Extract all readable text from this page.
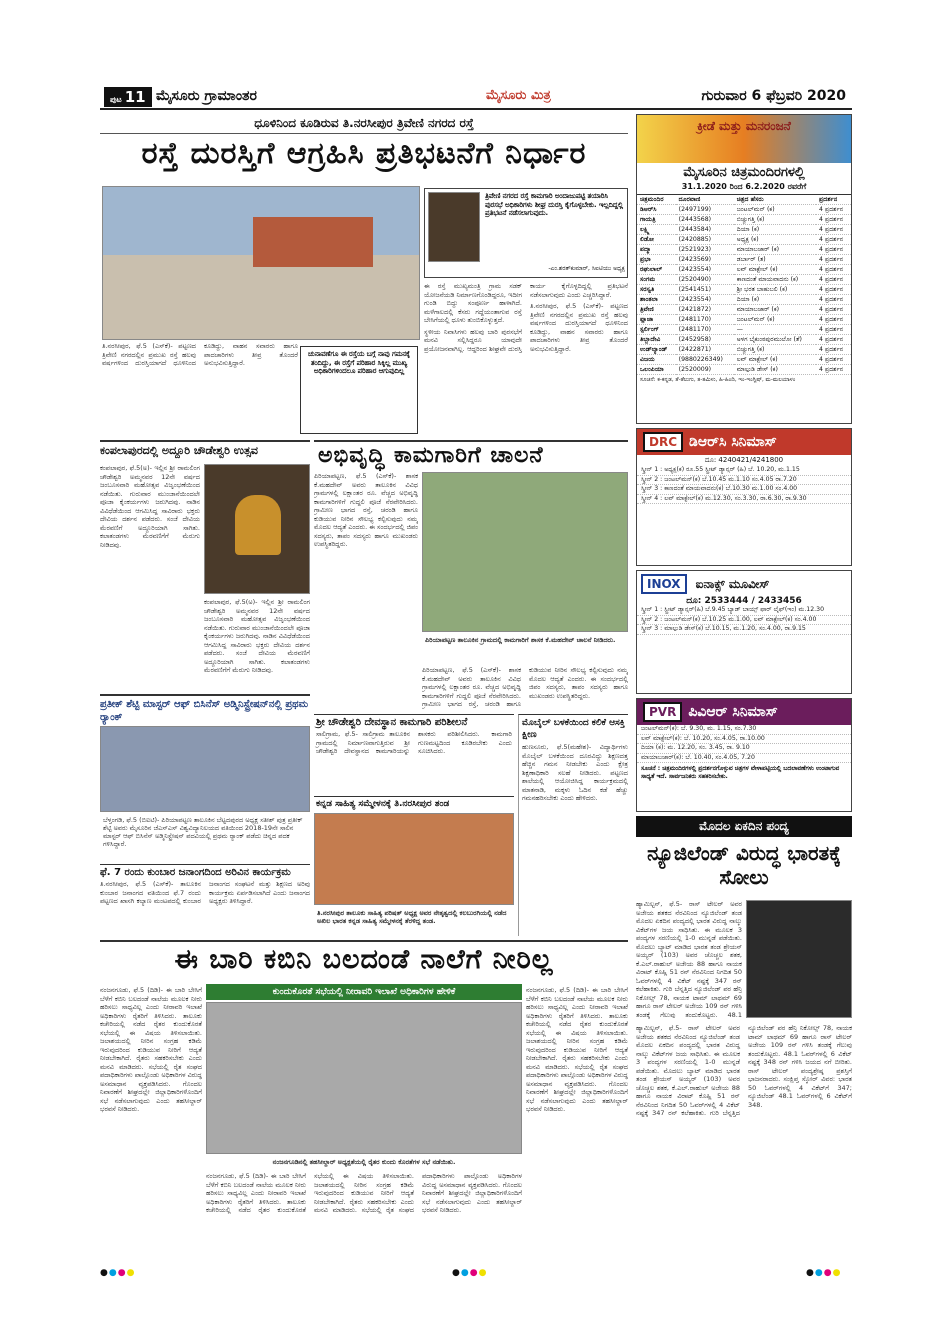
ಪುಟ 11 ಮೈಸೂರು ಗ್ರಾಮಾಂತರ	ಮೈಸೂರು ಮಿತ್ರ	ಗುರುವಾರ 6 ಫೆಬ್ರವರಿ 2020
ಧೂಳಿನಿಂದ ಕೂಡಿರುವ ತಿ.ನರಸೀಪುರ ತ್ರಿವೇಣಿ ನಗರದ ರಸ್ತೆ
ರಸ್ತೆ ದುರಸ್ತಿಗೆ ಆಗ್ರಹಿಸಿ ಪ್ರತಿಭಟನೆಗೆ ನಿರ್ಧಾರ
ತಿ.ನರಸೀಪುರ, ಫೆ.5 (ಎಸ್‌ಕೆ)- ಪಟ್ಟಣದ ತ್ರಿವೇಣಿ ನಗರದಲ್ಲಿನ ಪ್ರಮುಖ ರಸ್ತೆ ಹಲವು ವರ್ಷಗಳಿಂದ ದುರಸ್ತಿಯಾಗದೆ ಧೂಳಿನಿಂದ ಕೂಡಿದ್ದು, ವಾಹನ ಸವಾರರು ಹಾಗೂ ಪಾದಚಾರಿಗಳು ತೀವ್ರ ತೊಂದರೆ ಅನುಭವಿಸುತ್ತಿದ್ದಾರೆ.
ಚುನಾವಣೆಗೂ ಈ ರಸ್ತೆಯ ಬಗ್ಗೆ ನಾವು ಗಮನಕ್ಕೆ ತಂದಿದ್ದು, ಈ ರಸ್ತೆಗೆ ಪರಿಹಾರ ಸಿಕ್ಕಿಲ್ಲ ಮುಖ್ಯ ಅಧಿಕಾರಿಗಳಿಂದಲೂ ಪರಿಹಾರ ಆಗುವುದಿಲ್ಲ
ತ್ರಿವೇಣಿ ನಗರದ ರಸ್ತೆ ಕಾಮಗಾರಿ ಅಂದಾಜುಪಟ್ಟಿ ತಯಾರಿಸಿ ಪುರಸಭೆ ಅಧಿಕಾರಿಗಳು ಶೀಘ್ರ ದುರಸ್ತಿ ಕೈಗೊಳ್ಳಬೇಕು. ಇಲ್ಲದಿದ್ದಲ್ಲಿ ಪ್ರತಿಭಟನೆ ನಡೆಸಲಾಗುವುದು.
-ಎಂ.ಶರತ್‌ಕುಮಾರ್, ಸಿಐಟಿಯು ಅಧ್ಯಕ್ಷ

ಈ ರಸ್ತೆ ಮುಖ್ಯಮಂತ್ರಿ ಗ್ರಾಮ ಸಡಕ್ ಯೋಜನೆಯಡಿ ನಿರ್ಮಾಣಗೊಂಡಿದ್ದರೂ, ಇದೀಗ ಗುಂಡಿ ಬಿದ್ದು ಸಂಪೂರ್ಣ ಹಾಳಾಗಿದೆ. ಮಳೆಗಾಲದಲ್ಲಿ ಕೆಸರು ಗದ್ದೆಯಂತಾಗುವ ರಸ್ತೆ ಬೇಸಿಗೆಯಲ್ಲಿ ಧೂಳು ತುಂಬಿಕೊಳ್ಳುತ್ತದೆ.

ಸ್ಥಳೀಯ ನಿವಾಸಿಗಳು ಹಲವು ಬಾರಿ ಪುರಸಭೆಗೆ ಮನವಿ ಸಲ್ಲಿಸಿದ್ದರೂ ಯಾವುದೇ ಪ್ರಯೋಜನವಾಗಿಲ್ಲ. ಆದ್ದರಿಂದ ಶೀಘ್ರವೇ ದುರಸ್ತಿ ಕಾರ್ಯ ಕೈಗೊಳ್ಳದಿದ್ದಲ್ಲಿ ಪ್ರತಿಭಟನೆ ನಡೆಸಲಾಗುವುದು ಎಂದು ಎಚ್ಚರಿಸಿದ್ದಾರೆ.

ತಿ.ನರಸೀಪುರ, ಫೆ.5 (ಎಸ್‌ಕೆ)- ಪಟ್ಟಣದ ತ್ರಿವೇಣಿ ನಗರದಲ್ಲಿನ ಪ್ರಮುಖ ರಸ್ತೆ ಹಲವು ವರ್ಷಗಳಿಂದ ದುರಸ್ತಿಯಾಗದೆ ಧೂಳಿನಿಂದ ಕೂಡಿದ್ದು, ವಾಹನ ಸವಾರರು ಹಾಗೂ ಪಾದಚಾರಿಗಳು ತೀವ್ರ ತೊಂದರೆ ಅನುಭವಿಸುತ್ತಿದ್ದಾರೆ.

ಕಂಪಲಾಪುರದಲ್ಲಿ ಅದ್ದೂರಿ ಚೌಡೇಶ್ವರಿ ಉತ್ಸವ
ಕಂಪಲಾಪುರ, ಫೆ.5(ಅ)- ಇಲ್ಲಿನ ಶ್ರೀ ರಾಮಲಿಂಗ ಚೌಡೇಶ್ವರಿ ಅಮ್ಮನವರ 12ನೇ ವರ್ಷದ ಜಂಬೂಸವಾರಿ ಮಹೋತ್ಸವ ವಿಜೃಂಭಣೆಯಿಂದ ನಡೆಯಿತು. ಗುರುವಾರ ಮುಂಜಾನೆಯಿಂದಲೇ ಪೂಜಾ ಕೈಂಕರ್ಯಗಳು ಜರುಗಿದವು. ನಾಡಿನ ವಿವಿಧೆಡೆಯಿಂದ ಆಗಮಿಸಿದ್ದ ಸಾವಿರಾರು ಭಕ್ತರು ದೇವಿಯ ದರ್ಶನ ಪಡೆದರು. ಸಂಜೆ ದೇವಿಯ ಮೆರವಣಿಗೆ ಅದ್ದೂರಿಯಾಗಿ ಸಾಗಿತು. ಕಲಾತಂಡಗಳು ಮೆರವಣಿಗೆಗೆ ಮೆರುಗು ನೀಡಿದವು.
ಕಂಪಲಾಪುರ, ಫೆ.5(ಅ)- ಇಲ್ಲಿನ ಶ್ರೀ ರಾಮಲಿಂಗ ಚೌಡೇಶ್ವರಿ ಅಮ್ಮನವರ 12ನೇ ವರ್ಷದ ಜಂಬೂಸವಾರಿ ಮಹೋತ್ಸವ ವಿಜೃಂಭಣೆಯಿಂದ ನಡೆಯಿತು. ಗುರುವಾರ ಮುಂಜಾನೆಯಿಂದಲೇ ಪೂಜಾ ಕೈಂಕರ್ಯಗಳು ಜರುಗಿದವು. ನಾಡಿನ ವಿವಿಧೆಡೆಯಿಂದ ಆಗಮಿಸಿದ್ದ ಸಾವಿರಾರು ಭಕ್ತರು ದೇವಿಯ ದರ್ಶನ ಪಡೆದರು. ಸಂಜೆ ದೇವಿಯ ಮೆರವಣಿಗೆ ಅದ್ದೂರಿಯಾಗಿ ಸಾಗಿತು. ಕಲಾತಂಡಗಳು ಮೆರವಣಿಗೆಗೆ ಮೆರುಗು ನೀಡಿದವು.
ಪ್ರತೀಕ್ ಶೆಟ್ಟಿ ಮಾಸ್ಟರ್ ಆಫ್ ಬಿಸಿನೆಸ್ ಅಡ್ಮಿನಿಸ್ಟ್ರೇಷನ್‌ನಲ್ಲಿ ಪ್ರಥಮ ರ್‍ಯಾಂಕ್
ಬೆಳ್ತಂಗಡಿ, ಫೆ.5 (ಬಿಐಟಿ)- ಪಿರಿಯಾಪಟ್ಟಣ ತಾಲೂಕಿನ ಬೆಟ್ಟದಪುರದ ಅಧ್ಯಕ್ಷ ಸತೀಶ್ ಪುತ್ರ ಪ್ರತೀಕ್ ಶೆಟ್ಟಿ ಅವರು ಮೈಸೂರಿನ ಜೆಎಸ್‌ಎಸ್ ವಿಶ್ವವಿದ್ಯಾನಿಲಯದ ವತಿಯಿಂದ 2018-19ನೇ ಸಾಲಿನ ಮಾಸ್ಟರ್ ಆಫ್ ಬಿಸಿನೆಸ್ ಅಡ್ಮಿನಿಸ್ಟ್ರೇಷನ್ ಪದವಿಯಲ್ಲಿ ಪ್ರಥಮ ರ್‍ಯಾಂಕ್ ಪಡೆದು ಚಿನ್ನದ ಪದಕ ಗಳಿಸಿದ್ದಾರೆ.
ಫೆ. 7 ರಂದು ಕುಂಬಾರ ಜನಾಂಗದಿಂದ ಅರಿವಿನ ಕಾರ್ಯಕ್ರಮ
ತಿ.ನರಸೀಪುರ, ಫೆ.5 (ಎಸ್‌ಕೆ)- ತಾಲೂಕಿನ ಕುಂಬಾರ ಜನಾಂಗದ ವತಿಯಿಂದ ಫೆ.7 ರಂದು ಪಟ್ಟಣದ ಖಾಸಗಿ ಕಲ್ಯಾಣ ಮಂಟಪದಲ್ಲಿ ಕುಂಬಾರ ಜನಾಂಗದ ಸಂಘಟನೆ ಮತ್ತು ಶಿಕ್ಷಣದ ಅರಿವು ಕಾರ್ಯಕ್ರಮ ಏರ್ಪಡಿಸಲಾಗಿದೆ ಎಂದು ಜನಾಂಗದ ಅಧ್ಯಕ್ಷರು ತಿಳಿಸಿದ್ದಾರೆ.
ಅಭಿವೃದ್ಧಿ ಕಾಮಗಾರಿಗೆ ಚಾಲನೆ
ಪಿರಿಯಾಪಟ್ಟಣ, ಫೆ.5 (ಎಸ್‌ಕೆ)- ಶಾಸಕ ಕೆ.ಮಹದೇವ್ ಅವರು ತಾಲೂಕಿನ ವಿವಿಧ ಗ್ರಾಮಗಳಲ್ಲಿ ಲಕ್ಷಾಂತರ ರೂ. ವೆಚ್ಚದ ಅಭಿವೃದ್ಧಿ ಕಾಮಗಾರಿಗಳಿಗೆ ಗುದ್ದಲಿ ಪೂಜೆ ನೆರವೇರಿಸಿದರು. ಗ್ರಾಮೀಣ ಭಾಗದ ರಸ್ತೆ, ಚರಂಡಿ ಹಾಗೂ ಕುಡಿಯುವ ನೀರಿನ ಸೌಲಭ್ಯ ಕಲ್ಪಿಸುವುದು ನಮ್ಮ ಮೊದಲ ಆದ್ಯತೆ ಎಂದರು. ಈ ಸಂದರ್ಭದಲ್ಲಿ ಜಿಪಂ ಸದಸ್ಯರು, ತಾಪಂ ಸದಸ್ಯರು ಹಾಗೂ ಮುಖಂಡರು ಉಪಸ್ಥಿತರಿದ್ದರು.
ಪಿರಿಯಾಪಟ್ಟಣ ತಾಲೂಕಿನ ಗ್ರಾಮದಲ್ಲಿ ಕಾಮಗಾರಿಗೆ ಶಾಸಕ ಕೆ.ಮಹದೇವ್ ಚಾಲನೆ ನೀಡಿದರು.
ಪಿರಿಯಾಪಟ್ಟಣ, ಫೆ.5 (ಎಸ್‌ಕೆ)- ಶಾಸಕ ಕೆ.ಮಹದೇವ್ ಅವರು ತಾಲೂಕಿನ ವಿವಿಧ ಗ್ರಾಮಗಳಲ್ಲಿ ಲಕ್ಷಾಂತರ ರೂ. ವೆಚ್ಚದ ಅಭಿವೃದ್ಧಿ ಕಾಮಗಾರಿಗಳಿಗೆ ಗುದ್ದಲಿ ಪೂಜೆ ನೆರವೇರಿಸಿದರು. ಗ್ರಾಮೀಣ ಭಾಗದ ರಸ್ತೆ, ಚರಂಡಿ ಹಾಗೂ ಕುಡಿಯುವ ನೀರಿನ ಸೌಲಭ್ಯ ಕಲ್ಪಿಸುವುದು ನಮ್ಮ ಮೊದಲ ಆದ್ಯತೆ ಎಂದರು. ಈ ಸಂದರ್ಭದಲ್ಲಿ ಜಿಪಂ ಸದಸ್ಯರು, ತಾಪಂ ಸದಸ್ಯರು ಹಾಗೂ ಮುಖಂಡರು ಉಪಸ್ಥಿತರಿದ್ದರು.
ಶ್ರೀ ಚೌಡೇಶ್ವರಿ ದೇವಸ್ಥಾನ ಕಾಮಗಾರಿ ಪರಿಶೀಲನೆ
ಸಾಲಿಗ್ರಾಮ, ಫೆ.5- ಸಾಲಿಗ್ರಾಮ ತಾಲೂಕಿನ ಗ್ರಾಮದಲ್ಲಿ ನಿರ್ಮಾಣವಾಗುತ್ತಿರುವ ಶ್ರೀ ಚೌಡೇಶ್ವರಿ ದೇವಸ್ಥಾನದ ಕಾಮಗಾರಿಯನ್ನು ಶಾಸಕರು ಪರಿಶೀಲಿಸಿದರು. ಕಾಮಗಾರಿ ಗುಣಮಟ್ಟದಿಂದ ಕೂಡಿರಬೇಕು ಎಂದು ಸೂಚಿಸಿದರು.
ಮೊಬೈಲ್ ಬಳಕೆಯಿಂದ ಕಲಿಕೆ ಆಸಕ್ತಿ ಕ್ಷೀಣ
ಹುಣಸೂರು, ಫೆ.5(ಮಹೇಶ)- ವಿದ್ಯಾರ್ಥಿಗಳು ಮೊಬೈಲ್ ಬಳಕೆಯಿಂದ ದೂರವಿದ್ದು ಶಿಕ್ಷಣದತ್ತ ಹೆಚ್ಚಿನ ಗಮನ ನೀಡಬೇಕು ಎಂದು ಕ್ಷೇತ್ರ ಶಿಕ್ಷಣಾಧಿಕಾರಿ ಸಲಹೆ ನೀಡಿದರು. ಪಟ್ಟಣದ ಶಾಲೆಯಲ್ಲಿ ಆಯೋಜಿಸಿದ್ದ ಕಾರ್ಯಕ್ರಮದಲ್ಲಿ ಮಾತನಾಡಿ, ಮಕ್ಕಳು ಓದಿನ ಕಡೆ ಹೆಚ್ಚು ಗಮನಹರಿಸಬೇಕು ಎಂದು ಹೇಳಿದರು.
ಕನ್ನಡ ಸಾಹಿತ್ಯ ಸಮ್ಮೇಳನಕ್ಕೆ ತಿ.ನರಸೀಪುರ ತಂಡ
ತಿ.ನರಸೀಪುರ ತಾಲೂಕು ಸಾಹಿತ್ಯ ಪರಿಷತ್ ಅಧ್ಯಕ್ಷ ಅವರ ನೇತೃತ್ವದಲ್ಲಿ ಕಲಬುರಗಿಯಲ್ಲಿ ನಡೆದ ಅಖಿಲ ಭಾರತ ಕನ್ನಡ ಸಾಹಿತ್ಯ ಸಮ್ಮೇಳನಕ್ಕೆ ತೆರಳಿದ್ದ ತಂಡ.
ಈ ಬಾರಿ ಕಬಿನಿ ಬಲದಂಡೆ ನಾಲೆಗೆ ನೀರಿಲ್ಲ
ನಂಜನಗೂಡು, ಫೆ.5 (ದಿಡಿ)- ಈ ಬಾರಿ ಬೇಸಿಗೆ ಬೆಳೆಗೆ ಕಬಿನಿ ಬಲದಂಡೆ ನಾಲೆಯ ಮೂಲಕ ನೀರು ಹರಿಸಲು ಸಾಧ್ಯವಿಲ್ಲ ಎಂದು ನೀರಾವರಿ ಇಲಾಖೆ ಅಧಿಕಾರಿಗಳು ರೈತರಿಗೆ ತಿಳಿಸಿದರು. ತಾಲೂಕು ಕಚೇರಿಯಲ್ಲಿ ನಡೆದ ರೈತರ ಕುಂದುಕೊರತೆ ಸಭೆಯಲ್ಲಿ ಈ ವಿಷಯ ತಿಳಿಸಲಾಯಿತು. ಜಲಾಶಯದಲ್ಲಿ ನೀರಿನ ಸಂಗ್ರಹ ಕಡಿಮೆ ಇರುವುದರಿಂದ ಕುಡಿಯುವ ನೀರಿಗೆ ಆದ್ಯತೆ ನೀಡಬೇಕಾಗಿದೆ. ರೈತರು ಸಹಕರಿಸಬೇಕು ಎಂದು ಮನವಿ ಮಾಡಿದರು. ಸಭೆಯಲ್ಲಿ ರೈತ ಸಂಘದ ಪದಾಧಿಕಾರಿಗಳು ಪಾಲ್ಗೊಂಡು ಅಧಿಕಾರಿಗಳ ವಿರುದ್ಧ ಅಸಮಾಧಾನ ವ್ಯಕ್ತಪಡಿಸಿದರು. ಗೊಂದಲ ನಿವಾರಣೆಗೆ ಶೀಘ್ರದಲ್ಲೇ ಜಿಲ್ಲಾಧಿಕಾರಿಗಳೊಂದಿಗೆ ಸಭೆ ನಡೆಸಲಾಗುವುದು ಎಂದು ತಹಸೀಲ್ದಾರ್ ಭರವಸೆ ನೀಡಿದರು.
ಕುಂದುಕೊರತೆ ಸಭೆಯಲ್ಲಿ ನೀರಾವರಿ ಇಲಾಖೆ ಅಧಿಕಾರಿಗಳ ಹೇಳಿಕೆ
ನಂಜನಗೂಡಿನಲ್ಲಿ ತಹಸೀಲ್ದಾರ್ ಅಧ್ಯಕ್ಷತೆಯಲ್ಲಿ ರೈತರ ಕುಂದು ಕೊರತೆಗಳ ಸಭೆ ನಡೆಯಿತು.
ನಂಜನಗೂಡು, ಫೆ.5 (ದಿಡಿ)- ಈ ಬಾರಿ ಬೇಸಿಗೆ ಬೆಳೆಗೆ ಕಬಿನಿ ಬಲದಂಡೆ ನಾಲೆಯ ಮೂಲಕ ನೀರು ಹರಿಸಲು ಸಾಧ್ಯವಿಲ್ಲ ಎಂದು ನೀರಾವರಿ ಇಲಾಖೆ ಅಧಿಕಾರಿಗಳು ರೈತರಿಗೆ ತಿಳಿಸಿದರು. ತಾಲೂಕು ಕಚೇರಿಯಲ್ಲಿ ನಡೆದ ರೈತರ ಕುಂದುಕೊರತೆ ಸಭೆಯಲ್ಲಿ ಈ ವಿಷಯ ತಿಳಿಸಲಾಯಿತು. ಜಲಾಶಯದಲ್ಲಿ ನೀರಿನ ಸಂಗ್ರಹ ಕಡಿಮೆ ಇರುವುದರಿಂದ ಕುಡಿಯುವ ನೀರಿಗೆ ಆದ್ಯತೆ ನೀಡಬೇಕಾಗಿದೆ. ರೈತರು ಸಹಕರಿಸಬೇಕು ಎಂದು ಮನವಿ ಮಾಡಿದರು. ಸಭೆಯಲ್ಲಿ ರೈತ ಸಂಘದ ಪದಾಧಿಕಾರಿಗಳು ಪಾಲ್ಗೊಂಡು ಅಧಿಕಾರಿಗಳ ವಿರುದ್ಧ ಅಸಮಾಧಾನ ವ್ಯಕ್ತಪಡಿಸಿದರು. ಗೊಂದಲ ನಿವಾರಣೆಗೆ ಶೀಘ್ರದಲ್ಲೇ ಜಿಲ್ಲಾಧಿಕಾರಿಗಳೊಂದಿಗೆ ಸಭೆ ನಡೆಸಲಾಗುವುದು ಎಂದು ತಹಸೀಲ್ದಾರ್ ಭರವಸೆ ನೀಡಿದರು.
ನಂಜನಗೂಡು, ಫೆ.5 (ದಿಡಿ)- ಈ ಬಾರಿ ಬೇಸಿಗೆ ಬೆಳೆಗೆ ಕಬಿನಿ ಬಲದಂಡೆ ನಾಲೆಯ ಮೂಲಕ ನೀರು ಹರಿಸಲು ಸಾಧ್ಯವಿಲ್ಲ ಎಂದು ನೀರಾವರಿ ಇಲಾಖೆ ಅಧಿಕಾರಿಗಳು ರೈತರಿಗೆ ತಿಳಿಸಿದರು. ತಾಲೂಕು ಕಚೇರಿಯಲ್ಲಿ ನಡೆದ ರೈತರ ಕುಂದುಕೊರತೆ ಸಭೆಯಲ್ಲಿ ಈ ವಿಷಯ ತಿಳಿಸಲಾಯಿತು. ಜಲಾಶಯದಲ್ಲಿ ನೀರಿನ ಸಂಗ್ರಹ ಕಡಿಮೆ ಇರುವುದರಿಂದ ಕುಡಿಯುವ ನೀರಿಗೆ ಆದ್ಯತೆ ನೀಡಬೇಕಾಗಿದೆ. ರೈತರು ಸಹಕರಿಸಬೇಕು ಎಂದು ಮನವಿ ಮಾಡಿದರು. ಸಭೆಯಲ್ಲಿ ರೈತ ಸಂಘದ ಪದಾಧಿಕಾರಿಗಳು ಪಾಲ್ಗೊಂಡು ಅಧಿಕಾರಿಗಳ ವಿರುದ್ಧ ಅಸಮಾಧಾನ ವ್ಯಕ್ತಪಡಿಸಿದರು. ಗೊಂದಲ ನಿವಾರಣೆಗೆ ಶೀಘ್ರದಲ್ಲೇ ಜಿಲ್ಲಾಧಿಕಾರಿಗಳೊಂದಿಗೆ ಸಭೆ ನಡೆಸಲಾಗುವುದು ಎಂದು ತಹಸೀಲ್ದಾರ್ ಭರವಸೆ ನೀಡಿದರು.
ಕ್ರೀಡೆ ಮತ್ತು ಮನರಂಜನೆ
ಮೈಸೂರಿನ ಚಿತ್ರಮಂದಿರಗಳಲ್ಲಿ
31.1.2020 ರಿಂದ 6.2.2020 ರವರೆಗೆ
ಚಿತ್ರಮಂದಿರ	ದೂರವಾಣಿ	ಚಿತ್ರದ ಹೆಸರು	ಪ್ರದರ್ಶನ
ಡಿಆರ್‌ಸಿ	(2497199)	ಜಂಟಲ್‌ಮನ್ (ಕ)	4 ಪ್ರದರ್ಶನ
ಗಾಯತ್ರಿ	(2443568)	ಬಿಚ್ಚುಗತ್ತಿ (ಕ)	4 ಪ್ರದರ್ಶನ
ಲಕ್ಷ್ಮಿ	(2443584)	ದಿಯಾ (ಕ)	4 ಪ್ರದರ್ಶನ
ಲಿಡೋ	(2420885)	ಅಧ್ಯಕ್ಷ (ಕ)	4 ಪ್ರದರ್ಶನ
ಪದ್ಮಾ	(2521923)	ಮಾಯಾಬಜಾರ್ (ಕ)	4 ಪ್ರದರ್ಶನ
ಪ್ರಭಾ	(2423569)	ಡರ್ಬಾರ್ (ತ)	4 ಪ್ರದರ್ಶನ
ರಘುಲಾಲ್	(2423554)	ಲವ್ ಮಾಕ್ಟೇಲ್ (ಕ)	4 ಪ್ರದರ್ಶನ
ಸಂಗಮ	(2520490)	ಕಾಣದಂತೆ ಮಾಯವಾದನು (ಕ)	4 ಪ್ರದರ್ಶನ
ಸರಸ್ವತಿ	(2541451)	ಶ್ರೀ ಭರತ ಬಾಹುಬಲಿ (ಕ)	4 ಪ್ರದರ್ಶನ
ಶಾಂತಲಾ	(2423554)	ದಿಯಾ (ಕ)	4 ಪ್ರದರ್ಶನ
ತ್ರಿವೇಣಿ	(2421872)	ಮಾಯಾಬಜಾರ್ (ಕ)	4 ಪ್ರದರ್ಶನ
ಪ್ಲಾಜಾ	(2481170)	ಜಂಟಲ್‌ಮನ್ (ಕ)	4 ಪ್ರದರ್ಶನ
ಸ್ಟರ್ಲಿಂಗ್	(2481170)	—	4 ಪ್ರದರ್ಶನ
ತಿಬ್ಬಾದೇವಿ	(2452958)	ಅಳಗ ಬೈಕುಂಠಪುರಮುಲೋ (ತೆ)	4 ಪ್ರದರ್ಶನ
ಉಡ್‌ಲ್ಯಾಂಡ್	(2422871)	ಬಿಚ್ಚುಗತ್ತಿ (ಕ)	4 ಪ್ರದರ್ಶನ
ವಿಜಯ	(9880226349)	ಲವ್ ಮಾಕ್ಟೇಲ್ (ಕ)	4 ಪ್ರದರ್ಶನ
ಒಲಂಪಿಯಾ	(2520009)	ಮಾಲ್ಗುಡಿ ಡೇಸ್ (ಕ)	4 ಪ್ರದರ್ಶನ
ಸೂಚನೆ: ಕ-ಕನ್ನಡ, ತೆ-ತೆಲುಗು, ತ-ತಮಿಳು, ಹಿ-ಹಿಂದಿ, ಇಂ-ಇಂಗ್ಲಿಷ್, ಮ-ಮಲಯಾಳಂ
DRC ಡಿಆರ್‌ಸಿ ಸಿನಿಮಾಸ್
ದೂ: 4240421/4241800
ಸ್ಕ್ರೀನ್ 1 : ಅಧ್ಯಕ್ಷ(ಕ) ರೂ.55 ಸ್ಟ್ರೀಟ್ ಡ್ಯಾನ್ಸರ್ (ಹಿ) ಬೆ. 10.20, ಮ.1.15
ಸ್ಕ್ರೀನ್ 2 : ಜಂಟಲ್‌ಮನ್(ಕ) ಬೆ.10.45 ಮ.1.10 ಸಂ.4.05 ರಾ.7.20
ಸ್ಕ್ರೀನ್ 3 : ಕಾಣದಂತೆ ಮಾಯವಾದನು(ಕ) ಬೆ.10.30 ಮ.1.00 ಸಂ.4.00
ಸ್ಕ್ರೀನ್ 4 : ಲವ್ ಮಾಕ್ಟೇಲ್(ಕ) ಮ.12.30, ಸಂ.3.30, ರಾ.6.30, ರಾ.9.30
INOX ಐನಾಕ್ಸ್ ಮೂವೀಸ್
ದೂ: 2533444 / 2433456
ಸ್ಕ್ರೀನ್ 1 : ಸ್ಟ್ರೀಟ್ ಡ್ಯಾನ್ಸರ್(ಹಿ) ಬೆ.9.45 ಬ್ಯಾಡ್ ಬಾಯ್ಸ್ ಫಾರ್ ಲೈಫ್(ಇಂ) ಮ.12.30
ಸ್ಕ್ರೀನ್ 2 : ಜಂಟಲ್‌ಮನ್(ಕ) ಬೆ.10.25 ಮ.1.00, ಲವ್ ಮಾಕ್ಟೇಲ್(ಕ) ಸಂ.4.00
ಸ್ಕ್ರೀನ್ 3 : ಮಾಲ್ಗುಡಿ ಡೇಸ್(ಕ) ಬೆ.10.15, ಮ.1.20, ಸಂ.4.00, ರಾ.9.15
PVR ಪಿವಿಆರ್ ಸಿನಿಮಾಸ್
ಜಂಟಲ್‌ಮನ್(ಕ): ಬೆ. 9.30, ಮ. 1.15, ಸಂ.7.30
ಲವ್ ಮಾಕ್ಟೇಲ್(ಕ): ಬೆ. 10.20, ಸಂ.4.05, ರಾ.10.00
ದಿಯಾ (ಕ): ಮ. 12.20, ಸಂ. 3.45, ರಾ. 9.10
ಮಾಯಾಬಜಾರ್(ಕ): ಬೆ. 10.40, ಸಂ.4.05, 7.20
ಸೂಚನೆ : ಚಿತ್ರಮಂದಿರಗಳಲ್ಲಿ ಪ್ರದರ್ಶನಗೊಳ್ಳುವ ಚಿತ್ರಗಳ ವೇಳಾಪಟ್ಟಿಯಲ್ಲಿ ಬದಲಾವಣೆಗಳು ಉಂಟಾಗುವ ಸಾಧ್ಯತೆ ಇದೆ. ಸಾರ್ವಜನಿಕರು ಸಹಕರಿಸಬೇಕು.
ಮೊದಲ ಏಕದಿನ ಪಂದ್ಯ
ನ್ಯೂಜಿಲೆಂಡ್ ವಿರುದ್ಧ ಭಾರತಕ್ಕೆ ಸೋಲು
ಹ್ಯಾಮಿಲ್ಟನ್, ಫೆ.5- ರಾಸ್ ಟೇಲರ್ ಅವರ ಅಜೇಯ ಶತಕದ ನೆರವಿನಿಂದ ನ್ಯೂಜಿಲೆಂಡ್ ತಂಡ ಮೊದಲ ಏಕದಿನ ಪಂದ್ಯದಲ್ಲಿ ಭಾರತ ವಿರುದ್ಧ ನಾಲ್ಕು ವಿಕೆಟ್‌ಗಳ ಜಯ ಸಾಧಿಸಿತು. ಈ ಮೂಲಕ 3 ಪಂದ್ಯಗಳ ಸರಣಿಯಲ್ಲಿ 1-0 ಮುನ್ನಡೆ ಪಡೆಯಿತು. ಮೊದಲು ಬ್ಯಾಟ್ ಮಾಡಿದ ಭಾರತ ತಂಡ ಶ್ರೇಯಸ್ ಅಯ್ಯರ್ (103) ಅವರ ಚೊಚ್ಚಲ ಶತಕ, ಕೆ.ಎಲ್.ರಾಹುಲ್ ಅಜೇಯ 88 ಹಾಗೂ ನಾಯಕ ವಿರಾಟ್ ಕೊಹ್ಲಿ 51 ರನ್ ನೆರವಿನಿಂದ ನಿಗದಿತ 50 ಓವರ್‌ಗಳಲ್ಲಿ 4 ವಿಕೆಟ್ ನಷ್ಟಕ್ಕೆ 347 ರನ್ ಕಲೆಹಾಕಿತು. ಗುರಿ ಬೆನ್ನತ್ತಿದ ನ್ಯೂಜಿಲೆಂಡ್ ಪರ ಹೆನ್ರಿ ನಿಕೋಲ್ಸ್ 78, ನಾಯಕ ಟಾಮ್ ಲಾಥಮ್ 69 ಹಾಗೂ ರಾಸ್ ಟೇಲರ್ ಅಜೇಯ 109 ರನ್ ಗಳಿಸಿ ತಂಡಕ್ಕೆ ಗೆಲುವು ತಂದುಕೊಟ್ಟರು. 48.1
ಹ್ಯಾಮಿಲ್ಟನ್, ಫೆ.5- ರಾಸ್ ಟೇಲರ್ ಅವರ ಅಜೇಯ ಶತಕದ ನೆರವಿನಿಂದ ನ್ಯೂಜಿಲೆಂಡ್ ತಂಡ ಮೊದಲ ಏಕದಿನ ಪಂದ್ಯದಲ್ಲಿ ಭಾರತ ವಿರುದ್ಧ ನಾಲ್ಕು ವಿಕೆಟ್‌ಗಳ ಜಯ ಸಾಧಿಸಿತು. ಈ ಮೂಲಕ 3 ಪಂದ್ಯಗಳ ಸರಣಿಯಲ್ಲಿ 1-0 ಮುನ್ನಡೆ ಪಡೆಯಿತು. ಮೊದಲು ಬ್ಯಾಟ್ ಮಾಡಿದ ಭಾರತ ತಂಡ ಶ್ರೇಯಸ್ ಅಯ್ಯರ್ (103) ಅವರ ಚೊಚ್ಚಲ ಶತಕ, ಕೆ.ಎಲ್.ರಾಹುಲ್ ಅಜೇಯ 88 ಹಾಗೂ ನಾಯಕ ವಿರಾಟ್ ಕೊಹ್ಲಿ 51 ರನ್ ನೆರವಿನಿಂದ ನಿಗದಿತ 50 ಓವರ್‌ಗಳಲ್ಲಿ 4 ವಿಕೆಟ್ ನಷ್ಟಕ್ಕೆ 347 ರನ್ ಕಲೆಹಾಕಿತು. ಗುರಿ ಬೆನ್ನತ್ತಿದ ನ್ಯೂಜಿಲೆಂಡ್ ಪರ ಹೆನ್ರಿ ನಿಕೋಲ್ಸ್ 78, ನಾಯಕ ಟಾಮ್ ಲಾಥಮ್ 69 ಹಾಗೂ ರಾಸ್ ಟೇಲರ್ ಅಜೇಯ 109 ರನ್ ಗಳಿಸಿ ತಂಡಕ್ಕೆ ಗೆಲುವು ತಂದುಕೊಟ್ಟರು. 48.1 ಓವರ್‌ಗಳಲ್ಲಿ 6 ವಿಕೆಟ್ ನಷ್ಟಕ್ಕೆ 348 ರನ್ ಗಳಿಸಿ ಜಯದ ನಗೆ ಬೀರಿತು. ರಾಸ್ ಟೇಲರ್ ಪಂದ್ಯಶ್ರೇಷ್ಠ ಪ್ರಶಸ್ತಿಗೆ ಭಾಜನರಾದರು. ಸಂಕ್ಷಿಪ್ತ ಸ್ಕೋರ್ ವಿವರ: ಭಾರತ 50 ಓವರ್‌ಗಳಲ್ಲಿ 4 ವಿಕೆಟ್‌ಗೆ 347; ನ್ಯೂಜಿಲೆಂಡ್ 48.1 ಓವರ್‌ಗಳಲ್ಲಿ 6 ವಿಕೆಟ್‌ಗೆ 348.
●●●●	●●●●	●●●●
